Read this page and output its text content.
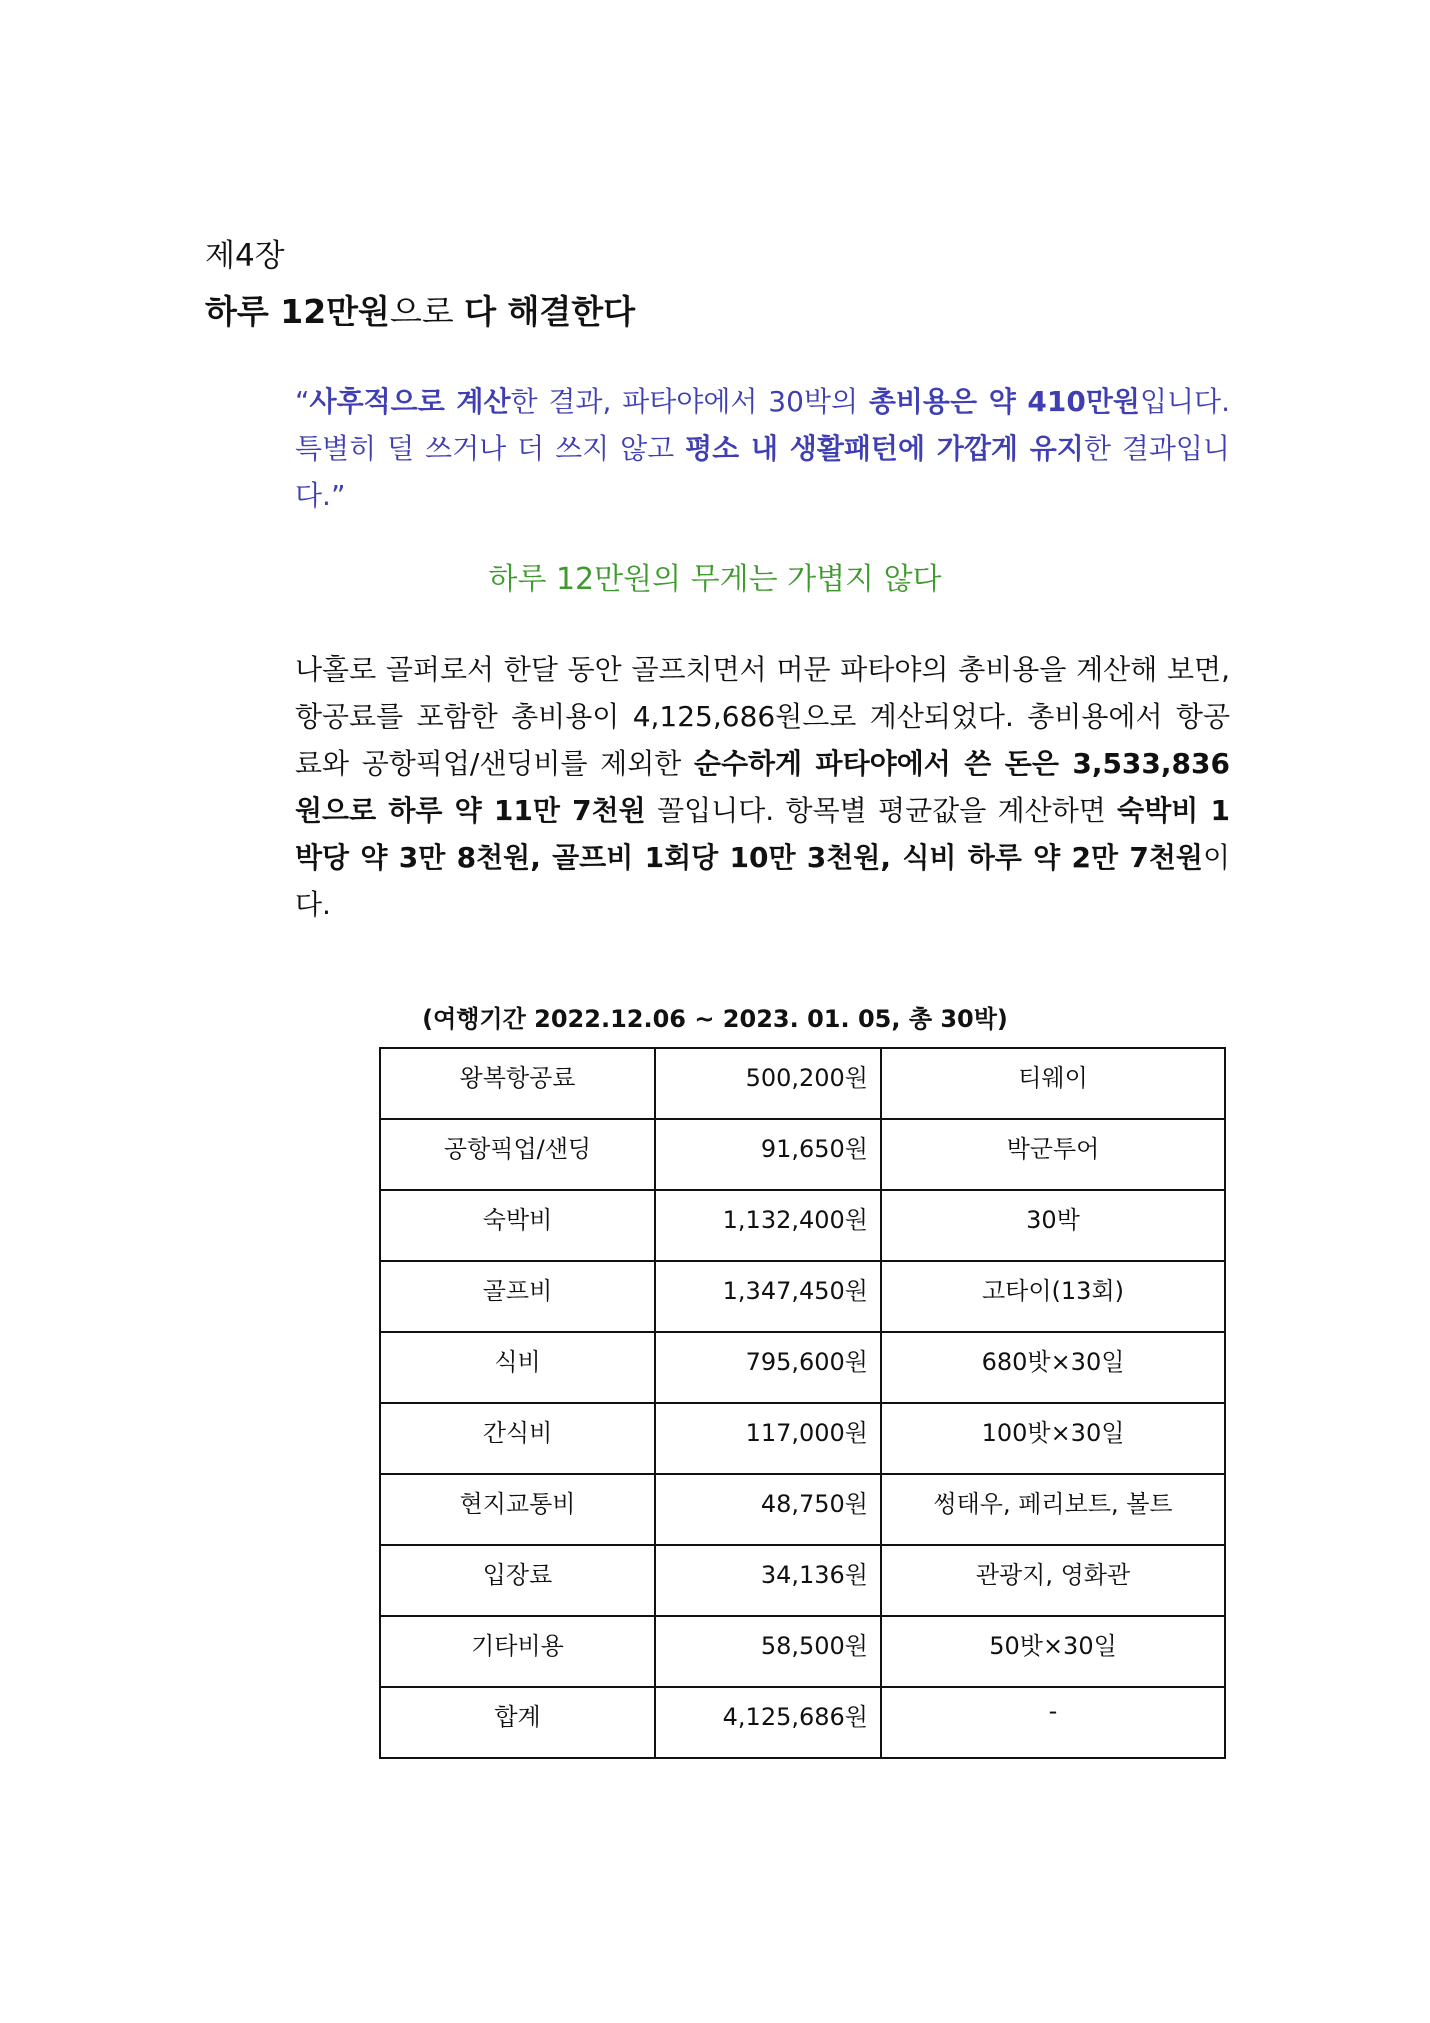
제4장
하루 12만원으로 다 해결한다
“사후적으로 계산한 결과, 파타야에서 30박의 총비용은 약 410만원입니다. 특별히 덜 쓰거나 더 쓰지 않고 평소 내 생활패턴에 가깝게 유지한 결과입니다.”
하루 12만원의 무게는 가볍지 않다
나홀로 골퍼로서 한달 동안 골프치면서 머문 파타야의 총비용을 계산해 보면, 항공료를 포함한 총비용이 4,125,686원으로 계산되었다. 총비용에서 항공료와 공항픽업/샌딩비를 제외한 순수하게 파타야에서 쓴 돈은 3,533,836원으로 하루 약 11만 7천원 꼴입니다. 항목별 평균값을 계산하면 숙박비 1박당 약 3만 8천원, 골프비 1회당 10만 3천원, 식비 하루 약 2만 7천원이다.
(여행기간 2022.12.06 ~ 2023. 01. 05, 총 30박)
왕복항공료	500,200원	티웨이
공항픽업/샌딩	91,650원	박군투어
숙박비	1,132,400원	30박
골프비	1,347,450원	고타이(13회)
식비	795,600원	680밧×30일
간식비	117,000원	100밧×30일
현지교통비	48,750원	썽태우, 페리보트, 볼트
입장료	34,136원	관광지, 영화관
기타비용	58,500원	50밧×30일
합계	4,125,686원	-
